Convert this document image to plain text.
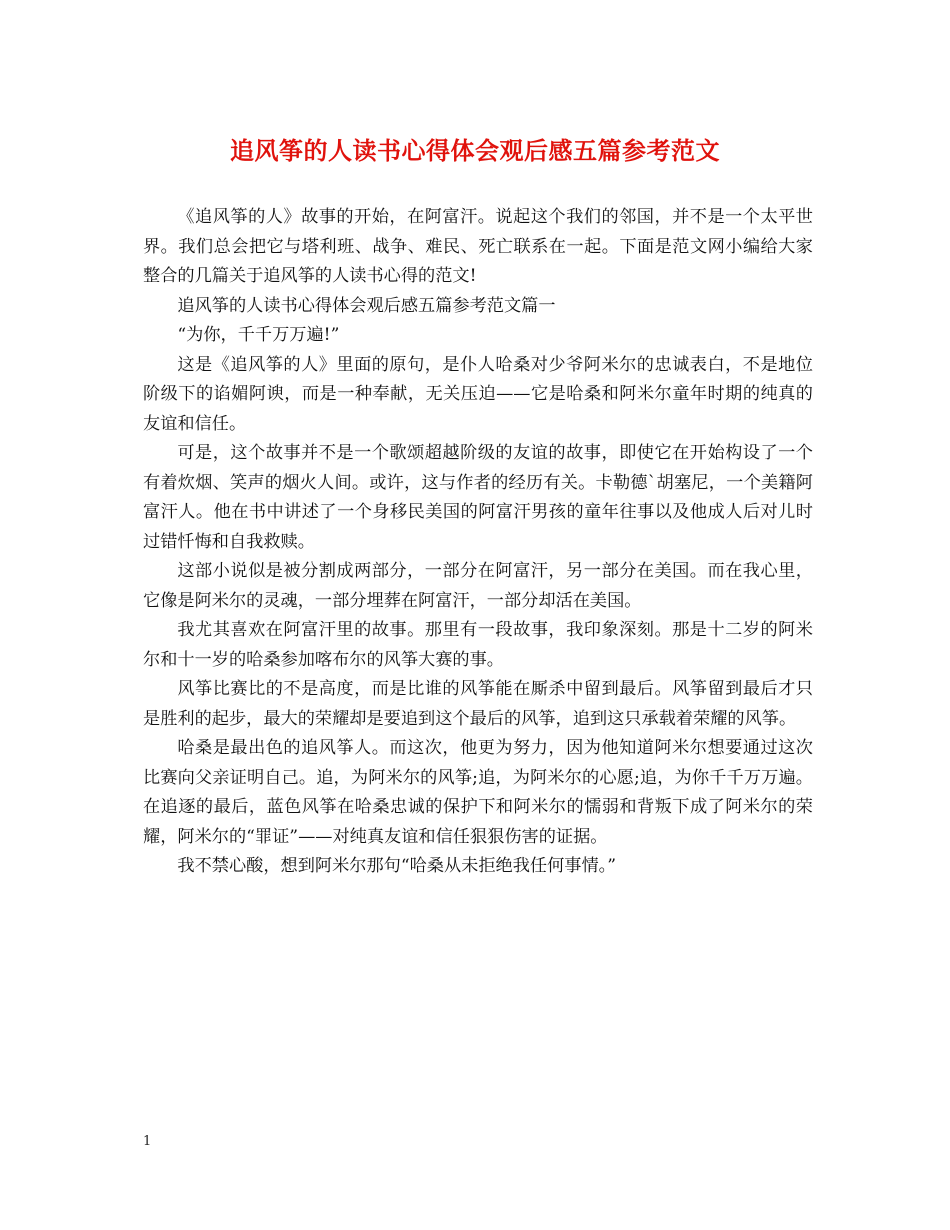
追风筝的人读书心得体会观后感五篇参考范文

《追风筝的人》故事的开始，在阿富汗。说起这个我们的邻国，并不是一个太平世界。我们总会把它与塔利班、战争、难民、死亡联系在一起。下面是范文网小编给大家整合的几篇关于追风筝的人读书心得的范文!

追风筝的人读书心得体会观后感五篇参考范文篇一

“为你，千千万万遍!”

这是《追风筝的人》里面的原句，是仆人哈桑对少爷阿米尔的忠诚表白，不是地位阶级下的谄媚阿谀，而是一种奉献，无关压迫——它是哈桑和阿米尔童年时期的纯真的友谊和信任。

可是，这个故事并不是一个歌颂超越阶级的友谊的故事，即使它在开始构设了一个有着炊烟、笑声的烟火人间。或许，这与作者的经历有关。卡勒德`胡塞尼，一个美籍阿富汗人。他在书中讲述了一个身移民美国的阿富汗男孩的童年往事以及他成人后对儿时过错忏悔和自我救赎。

这部小说似是被分割成两部分，一部分在阿富汗，另一部分在美国。而在我心里，它像是阿米尔的灵魂，一部分埋葬在阿富汗，一部分却活在美国。

我尤其喜欢在阿富汗里的故事。那里有一段故事，我印象深刻。那是十二岁的阿米尔和十一岁的哈桑参加喀布尔的风筝大赛的事。

风筝比赛比的不是高度，而是比谁的风筝能在厮杀中留到最后。风筝留到最后才只是胜利的起步，最大的荣耀却是要追到这个最后的风筝，追到这只承载着荣耀的风筝。

哈桑是最出色的追风筝人。而这次，他更为努力，因为他知道阿米尔想要通过这次比赛向父亲证明自己。追，为阿米尔的风筝;追，为阿米尔的心愿;追，为你千千万万遍。在追逐的最后，蓝色风筝在哈桑忠诚的保护下和阿米尔的懦弱和背叛下成了阿米尔的荣耀，阿米尔的“罪证”——对纯真友谊和信任狠狠伤害的证据。

我不禁心酸，想到阿米尔那句“哈桑从未拒绝我任何事情。”

1
